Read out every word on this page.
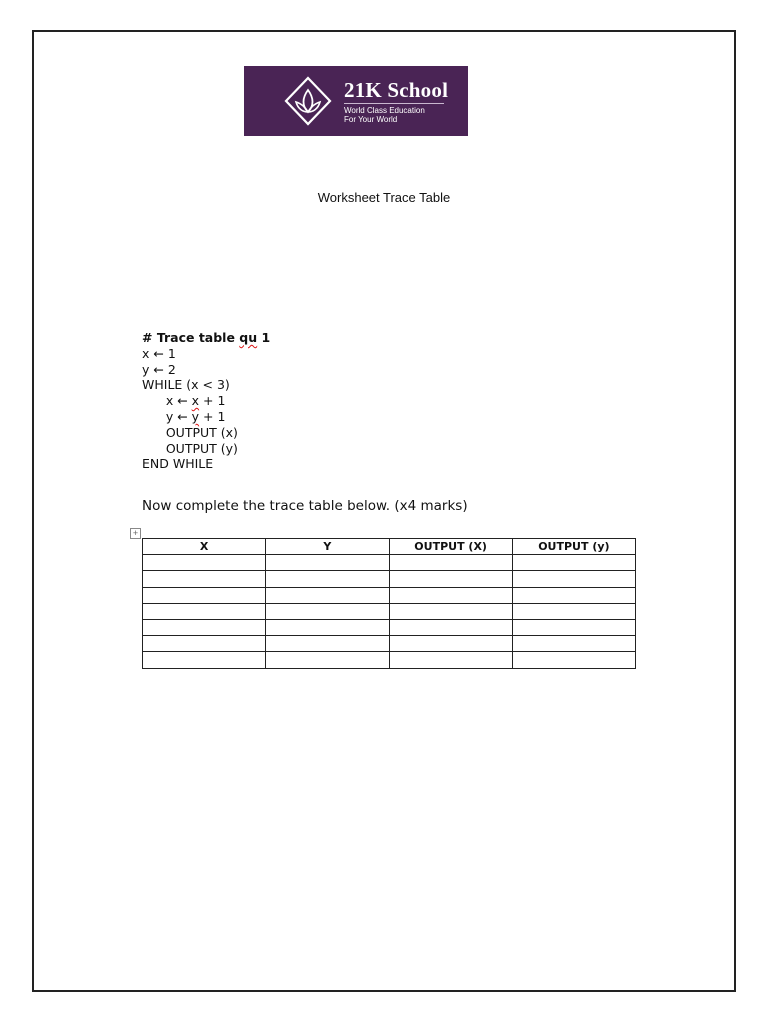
21K School
World Class Education
For Your World
Worksheet Trace Table
# Trace table qu 1
x ← 1
y ← 2
WHILE (x < 3)
x ← x + 1
y ← y + 1
OUTPUT (x)
OUTPUT (y)
END WHILE
Now complete the trace table below. (x4 marks)
+
X	Y	OUTPUT (X)	OUTPUT (y)
